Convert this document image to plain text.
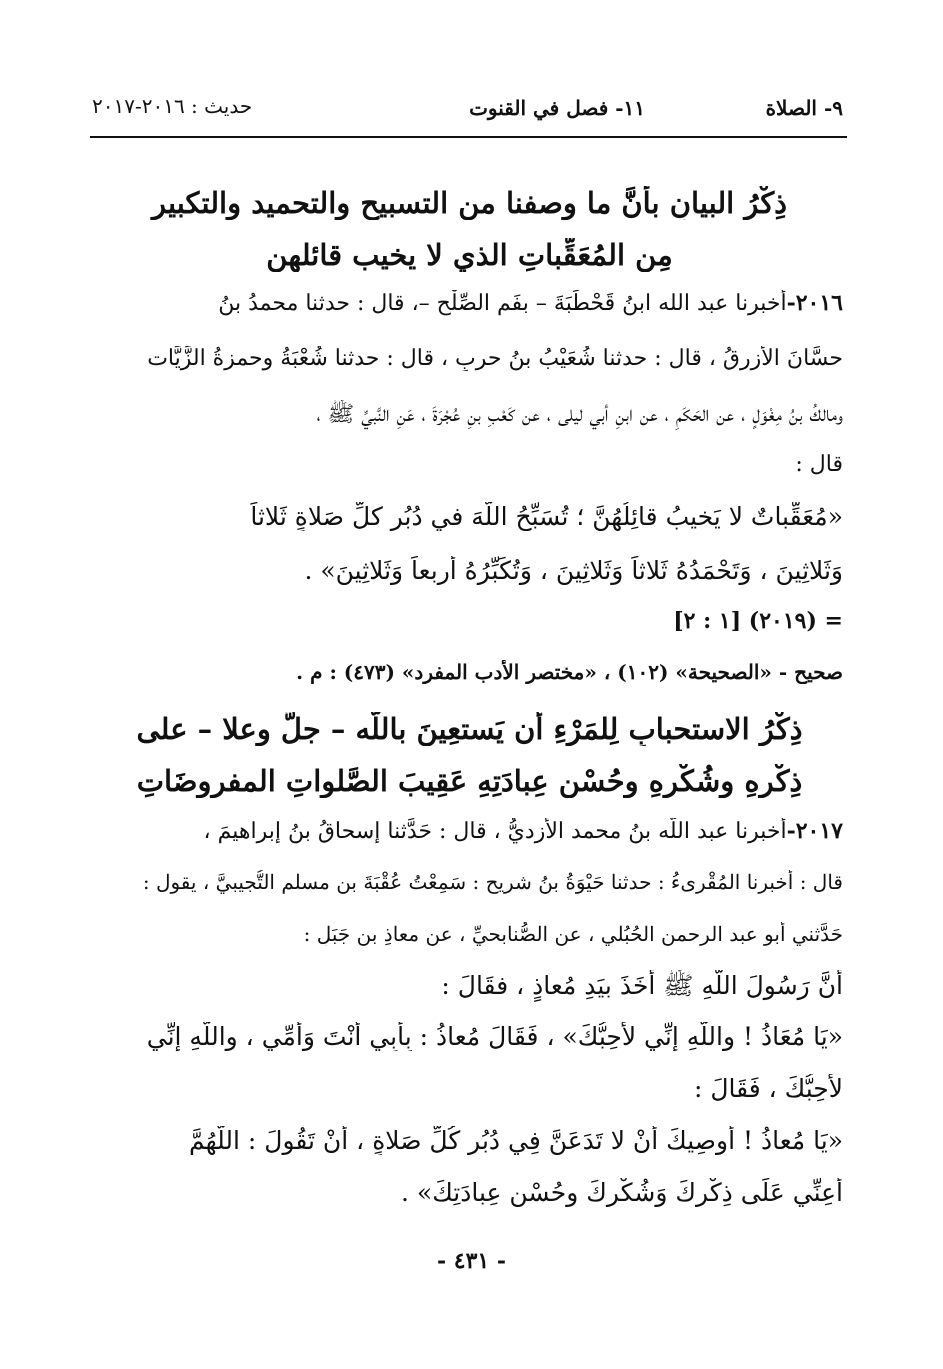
٩- الصلاة
١١- فصل في القنوت
حديث : ٢٠١٦-٢٠١٧
ذِكْرُ البيانِ بأنَّ ما وصفنا من التسبيحِ والتحميد والتكبيرِ
مِن المُعَقِّباتِ الذي لا يخيب قائلهن
٢٠١٦-أخبرنا عبد الله ابنُ قَحْطَبَةَ – بفَمِ الصِّلْحِ –، قال : حدثنا محمدُ بنُ
حسَّانَ الأزرقُ ، قال : حدثنا شُعَيْبُ بنُ حربٍ ، قال : حدثنا شُعْبَةُ وحمزةُ الزَّيَّات
ومالكُ بنُ مِغْوَلٍ ، عن الحَكَمِ ، عن ابنِ أبي ليلى ، عن كَعْبِ بنِ عُجْرَةَ ، عَنِ النَّبيِّ ﷺ ،
قال :
«مُعَقِّباتٌ لا يَخيبُ قائِلُهُنَّ ؛ تُسَبِّحُ اللَّهَ في دُبُرِ كلِّ صَلاةٍ ثَلاثاً
وَثَلاثِينَ ، وَتَحْمَدُهُ ثَلاثاً وَثَلاثِينَ ، وَتُكَبِّرُهُ أَربعاً وَثَلاثِينَ» .
= (٢٠١٩) [١ : ٢]
صحيح - «الصحيحة» (١٠٢) ، «مختصر الأدب المفرد» (٤٧٣) : م .
ذِكْرُ الاستحبابِ لِلمَرْءِ أن يَستعِينَ باللّه – جلَّ وعلا – على
ذِكْرِهِ وشُكْرِهِ وحُسْنِ عِبادَتِهِ عَقِيبَ الصَّلواتِ المفروضَاتِ
٢٠١٧-أخبرنا عبد اللّه بنُ محمد الأزديُّ ، قال : حَدَّثنا إسحاقُ بنُ إبراهيمَ ،
قال : أخبرنا المُقْرِىءُ : حدثنا حَيْوَةُ بنُ شريح : سَمِعْتُ عُقْبَةَ بن مسلمٍ التُّجيبيَّ ، يقول :
حَدَّثني أبو عبد الرحمن الحُبُلي ، عن الصُّنابحيِّ ، عن معاذِ بن جَبَلٍ :
أنَّ رَسُولَ اللَّهِ ﷺ أَخَذَ بيَدِ مُعاذٍ ، فقَالَ :
«يَا مُعَاذُ ! واللَّهِ إِنِّي لأُحِبُّكَ» ، فَقَالَ مُعاذُ : بِأَبِي أَنْتَ وَأُمِّي ، واللَّهِ إِنِّي
لأُحِبُّكَ ، فَقَالَ :
«يَا مُعاذُ ! أُوصِيكَ أَنْ لا تَدَعَنَّ فِي دُبُرِ كُلِّ صَلاةٍ ، أَنْ تَقُولَ : اللَّهُمَّ
أَعِنِّي عَلَى ذِكْرِكَ وَشُكْرِكَ وحُسْنِ عِبادَتِكَ» .
- ٤٣١ -
